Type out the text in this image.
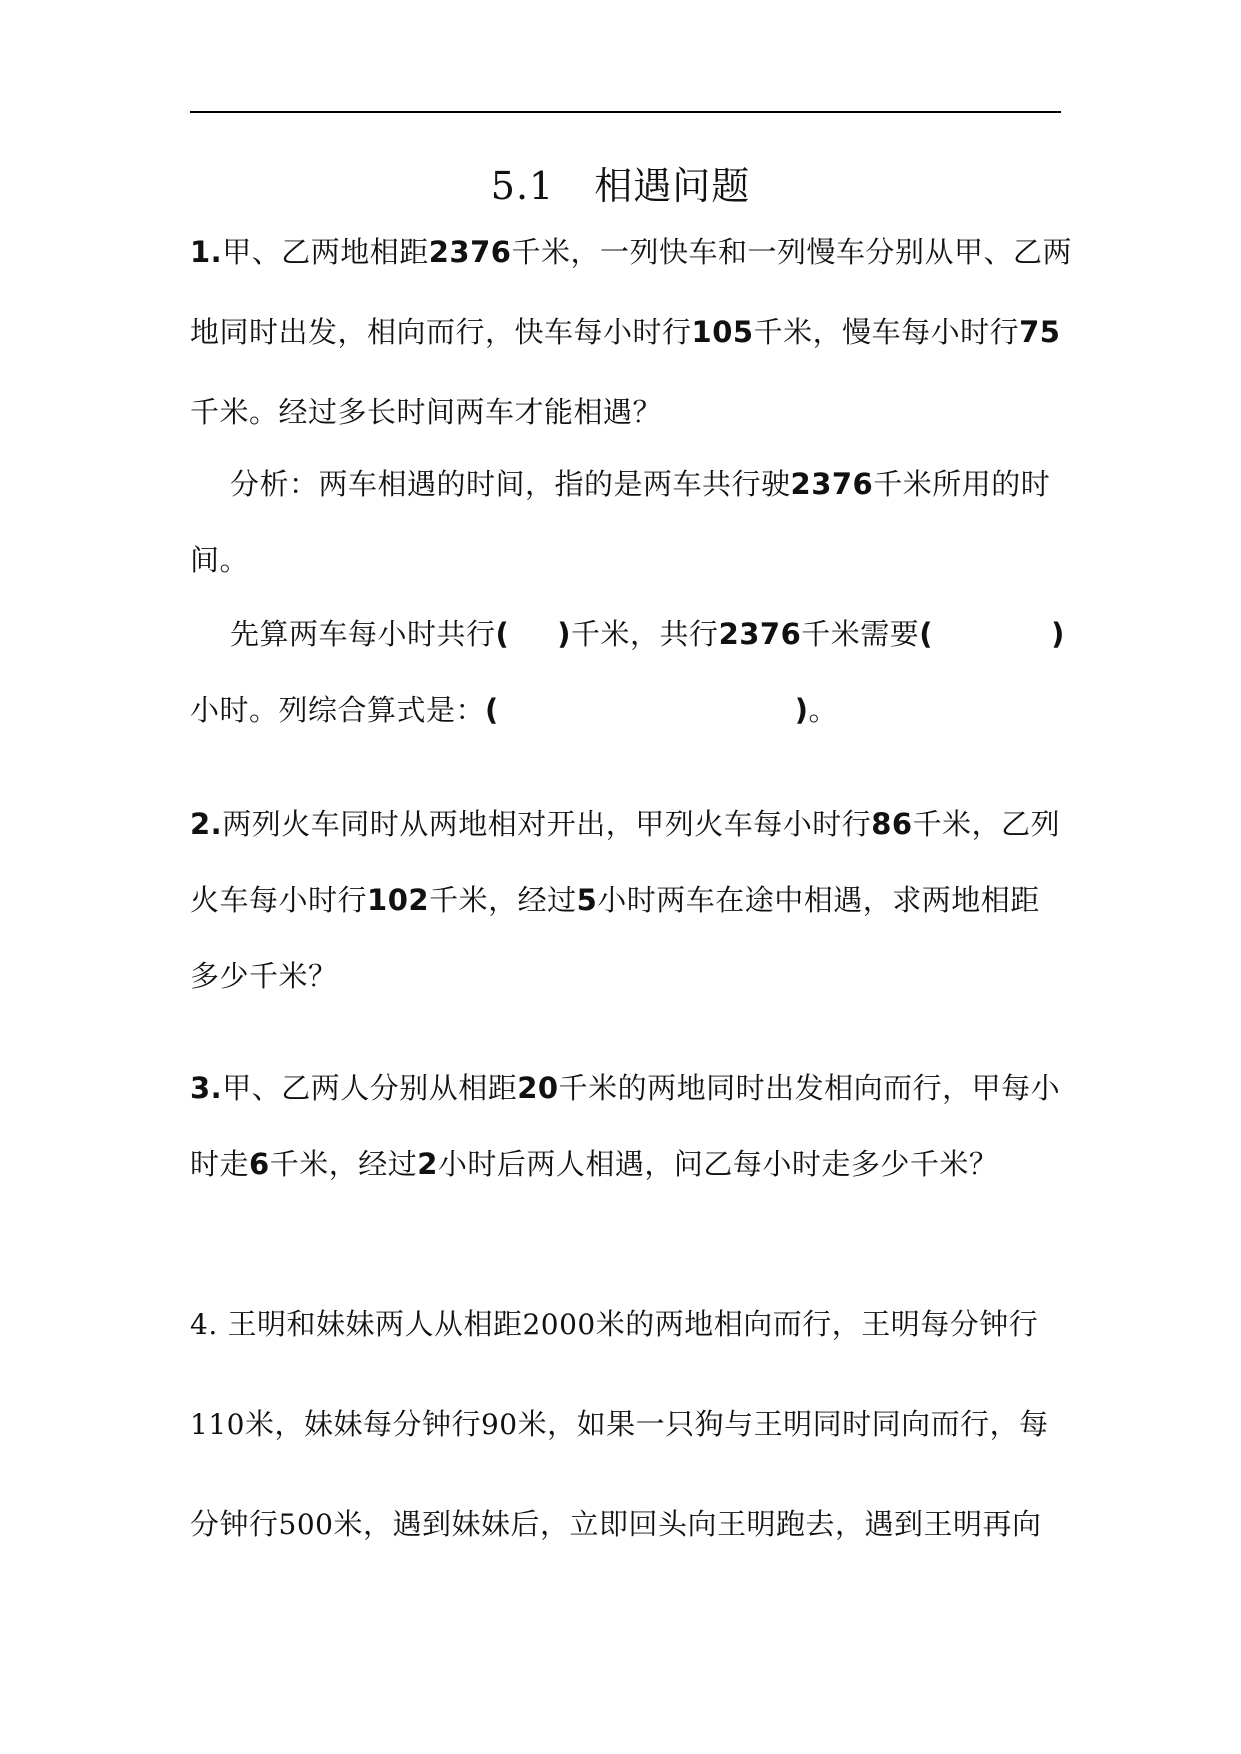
5.1 相遇问题
1.甲、乙两地相距2376千米，一列快车和一列慢车分别从甲、乙两
地同时出发，相向而行，快车每小时行105千米，慢车每小时行75
千米。经过多长时间两车才能相遇？
分析：两车相遇的时间，指的是两车共行驶2376千米所用的时
间。
先算两车每小时共行( )千米，共行2376千米需要(	)
小时。列综合算式是：(	)。
2.两列火车同时从两地相对开出，甲列火车每小时行86千米，乙列
火车每小时行102千米，经过5小时两车在途中相遇，求两地相距
多少千米？
3.甲、乙两人分别从相距20千米的两地同时出发相向而行，甲每小
时走6千米，经过2小时后两人相遇，问乙每小时走多少千米？
4. 王明和妹妹两人从相距2000米的两地相向而行，王明每分钟行
110米，妹妹每分钟行90米，如果一只狗与王明同时同向而行，每
分钟行500米，遇到妹妹后，立即回头向王明跑去，遇到王明再向
